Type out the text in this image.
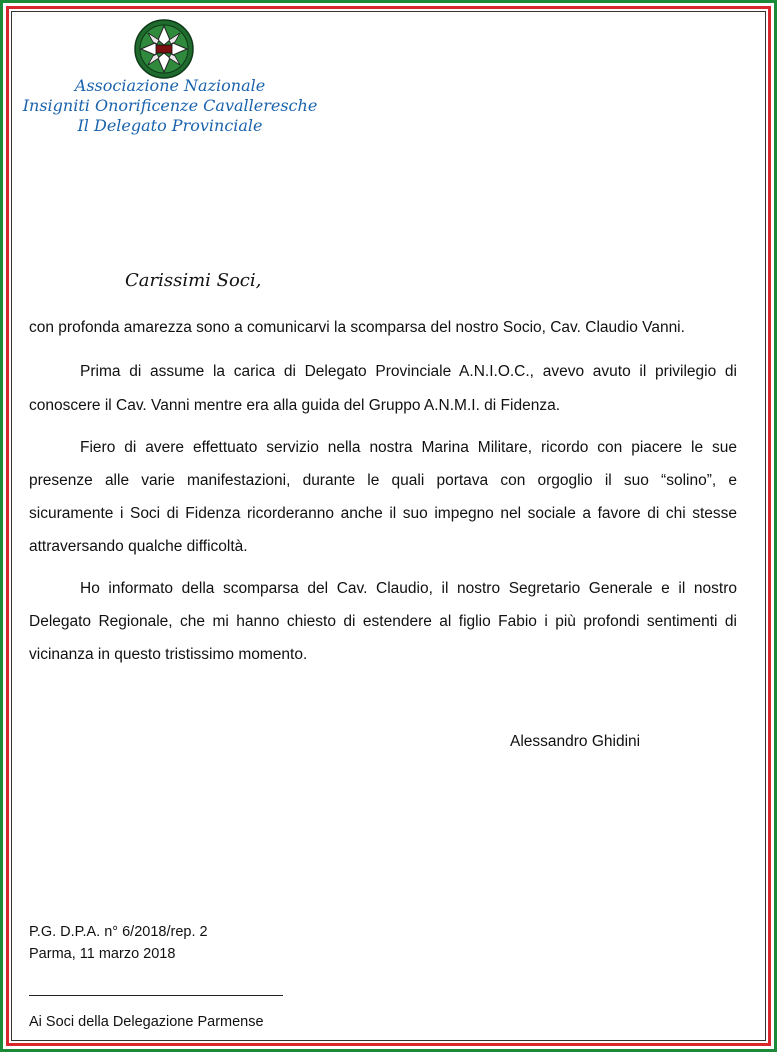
Associazione Nazionale
Insigniti Onorificenze Cavalleresche
Il Delegato Provinciale
Carissimi Soci,
con profonda amarezza sono a comunicarvi la scomparsa del nostro Socio, Cav. Claudio Vanni.
Prima di assume la carica di Delegato Provinciale A.N.I.O.C., avevo avuto il privilegio di
conoscere il Cav. Vanni mentre era alla guida del Gruppo A.N.M.I. di Fidenza.
Fiero di avere effettuato servizio nella nostra Marina Militare, ricordo con piacere le sue
presenze alle varie manifestazioni, durante le quali portava con orgoglio il suo “solino”, e
sicuramente i Soci di Fidenza ricorderanno anche il suo impegno nel sociale a favore di chi stesse
attraversando qualche difficoltà.
Ho informato della scomparsa del Cav. Claudio, il nostro Segretario Generale e il nostro
Delegato Regionale, che mi hanno chiesto di estendere al figlio Fabio i più profondi sentimenti di
vicinanza in questo tristissimo momento.
Alessandro Ghidini
P.G. D.P.A. n° 6/2018/rep. 2
Parma, 11 marzo 2018
Ai Soci della Delegazione Parmense
